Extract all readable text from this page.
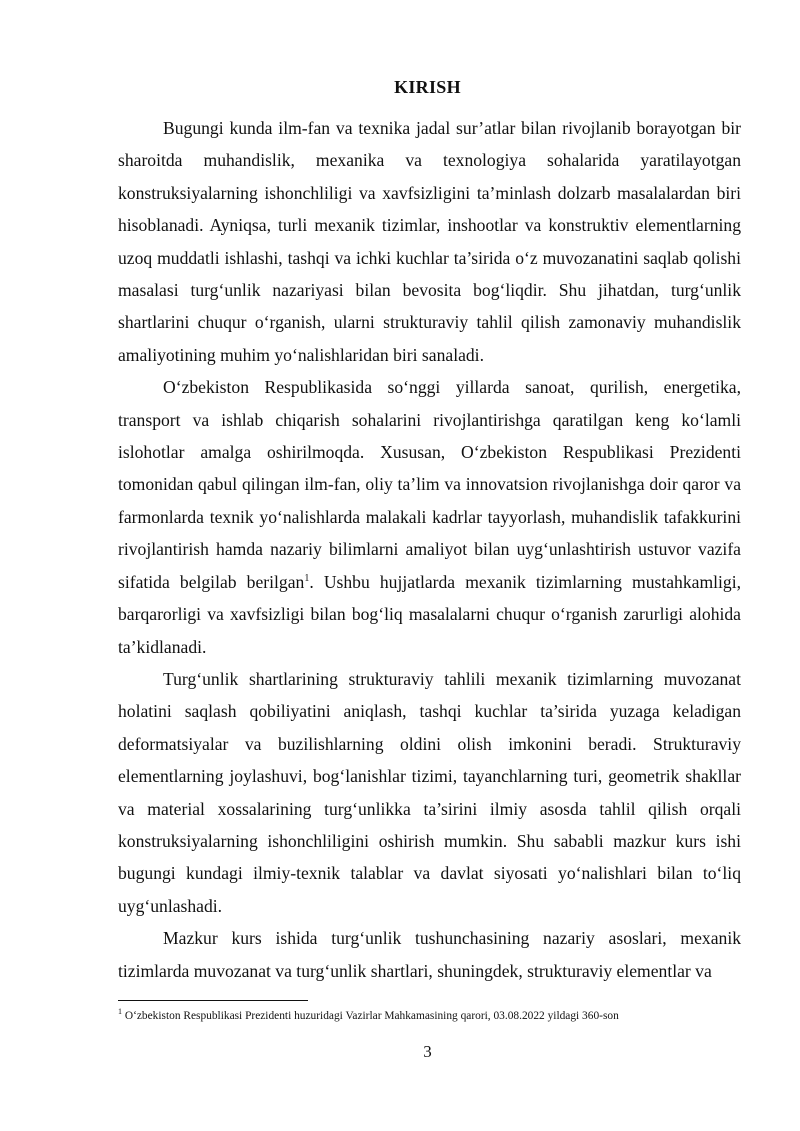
KIRISH

Bugungi kunda ilm-fan va texnika jadal sur’atlar bilan rivojlanib borayotgan bir sharoitda muhandislik, mexanika va texnologiya sohalarida yaratilayotgan konstruksiyalarning ishonchliligi va xavfsizligini ta’minlash dolzarb masalalardan biri hisoblanadi. Ayniqsa, turli mexanik tizimlar, inshootlar va konstruktiv elementlarning uzoq muddatli ishlashi, tashqi va ichki kuchlar ta’sirida o‘z muvozanatini saqlab qolishi masalasi turg‘unlik nazariyasi bilan bevosita bog‘liqdir. Shu jihatdan, turg‘unlik shartlarini chuqur o‘rganish, ularni strukturaviy tahlil qilish zamonaviy muhandislik amaliyotining muhim yo‘nalishlaridan biri sanaladi.

O‘zbekiston Respublikasida so‘nggi yillarda sanoat, qurilish, energetika, transport va ishlab chiqarish sohalarini rivojlantirishga qaratilgan keng ko‘lamli islohotlar amalga oshirilmoqda. Xususan, O‘zbekiston Respublikasi Prezidenti tomonidan qabul qilingan ilm-fan, oliy ta’lim va innovatsion rivojlanishga doir qaror va farmonlarda texnik yo‘nalishlarda malakali kadrlar tayyorlash, muhandislik tafakkurini rivojlantirish hamda nazariy bilimlarni amaliyot bilan uyg‘unlashtirish ustuvor vazifa sifatida belgilab berilgan$^1$. Ushbu hujjatlarda mexanik tizimlarning mustahkamligi, barqarorligi va xavfsizligi bilan bog‘liq masalalarni chuqur o‘rganish zarurligi alohida ta’kidlanadi.

Turg‘unlik shartlarining strukturaviy tahlili mexanik tizimlarning muvozanat holatini saqlash qobiliyatini aniqlash, tashqi kuchlar ta’sirida yuzaga keladigan deformatsiyalar va buzilishlarning oldini olish imkonini beradi. Strukturaviy elementlarning joylashuvi, bog‘lanishlar tizimi, tayanchlarning turi, geometrik shakllar va material xossalarining turg‘unlikka ta’sirini ilmiy asosda tahlil qilish orqali konstruksiyalarning ishonchliligini oshirish mumkin. Shu sababli mazkur kurs ishi bugungi kundagi ilmiy-texnik talablar va davlat siyosati yo‘nalishlari bilan to‘liq uyg‘unlashadi.

Mazkur kurs ishida turg‘unlik tushunchasining nazariy asoslari, mexanik tizimlarda muvozanat va turg‘unlik shartlari, shuningdek, strukturaviy elementlar va

$^1$ O‘zbekiston Respublikasi Prezidenti huzuridagi Vazirlar Mahkamasining qarori, 03.08.2022 yildagi 360-son
3
